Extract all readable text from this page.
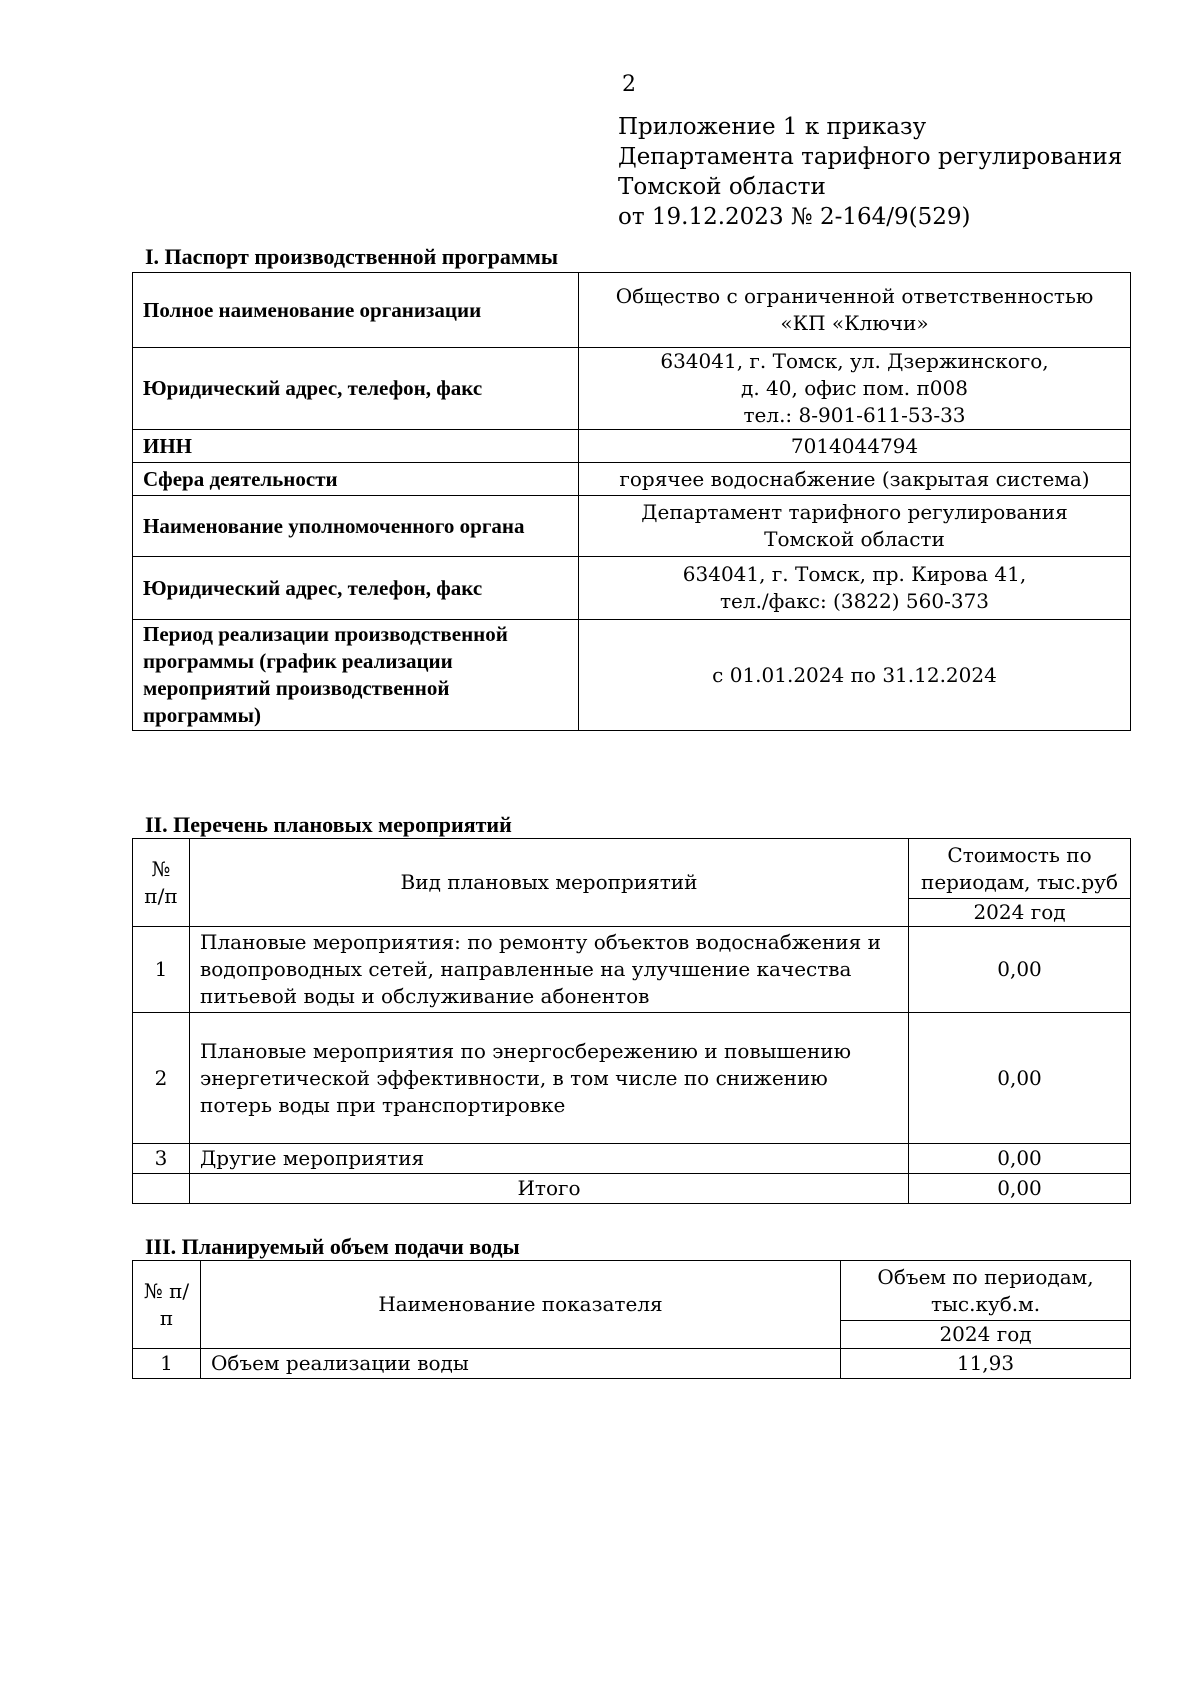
2
Приложение 1 к приказу
Департамента тарифного регулирования
Томской области
от 19.12.2023 № 2-164/9(529)
I. Паспорт производственной программы
Полное наименование организации	Общество с ограниченной ответственностью
«КП «Ключи»

Юридический адрес, телефон, факс	634041, г. Томск, ул. Дзержинского,
д. 40, офис пом. п008
тел.: 8-901-611-53-33

ИНН	7014044794
Сфера деятельности	горячее водоснабжение (закрытая система)
Наименование уполномоченного органа	Департамент тарифного регулирования
Томской области

Юридический адрес, телефон, факс	634041, г. Томск, пр. Кирова 41,
тел./факс: (3822) 560-373

Период реализации производственной программы (график реализации мероприятий производственной программы)	с 01.01.2024 по 31.12.2024
II. Перечень плановых мероприятий
№ п/п	Вид плановых мероприятий	Стоимость по периодам, тыс.руб
		2024 год
1	Плановые мероприятия: по ремонту объектов водоснабжения и водопроводных сетей, направленные на улучшение качества питьевой воды и обслуживание абонентов	0,00
2	Плановые мероприятия по энергосбережению и повышению энергетической эффективности, в том числе по снижению потерь воды при транспортировке	0,00
3	Другие мероприятия	0,00
	Итого	0,00
III. Планируемый объем подачи воды
№ п/п	Наименование показателя	Объем по периодам, тыс.куб.м.
		2024 год
1	Объем реализации воды	11,93
